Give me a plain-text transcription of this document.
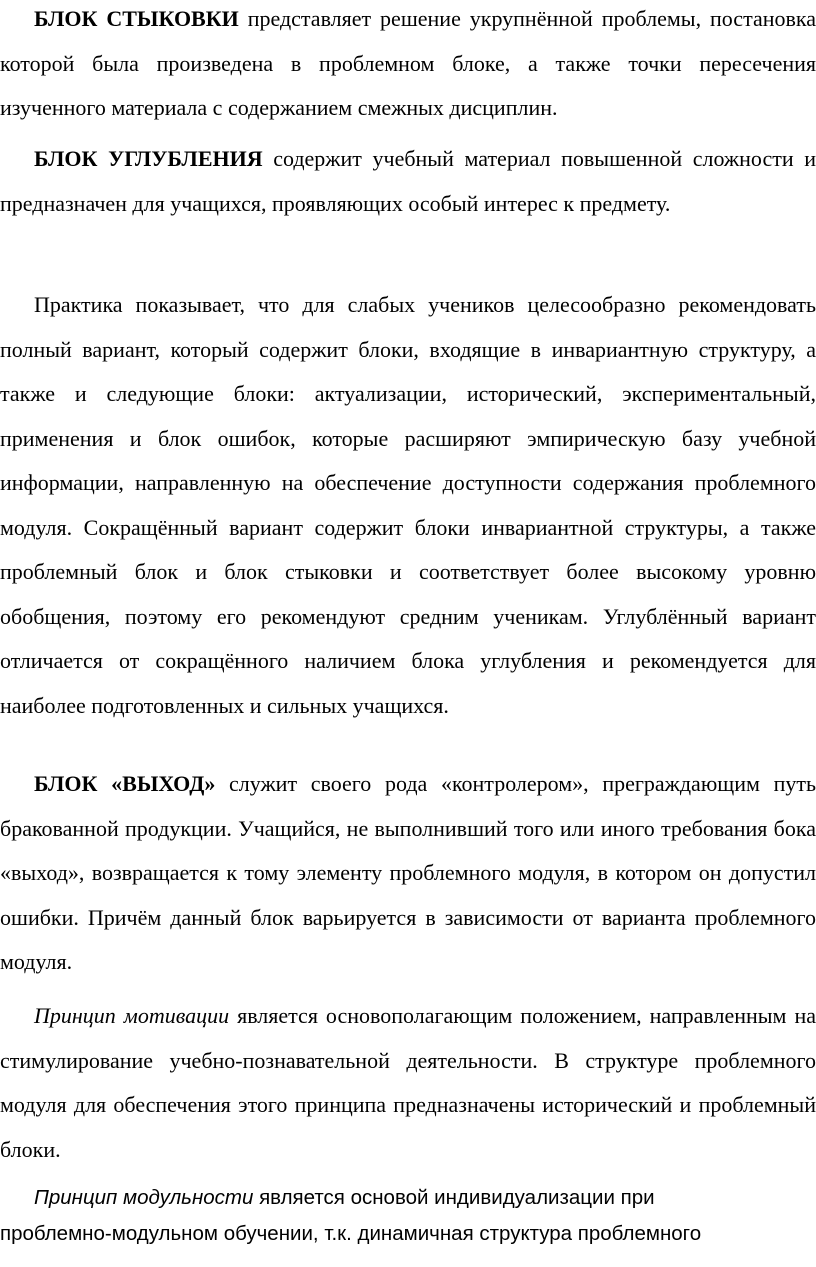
БЛОК СТЫКОВКИ представляет решение укрупнённой проблемы, постановка которой была произведена в проблемном блоке, а также точки пересечения изученного материала с содержанием смежных дисциплин.

БЛОК УГЛУБЛЕНИЯ содержит учебный материал повышенной сложности и предназначен для учащихся, проявляющих особый интерес к предмету.

Практика показывает, что для слабых учеников целесообразно рекомендовать полный вариант, который содержит блоки, входящие в инвариантную структуру, а также и следующие блоки: актуализации, исторический, экспериментальный, применения и блок ошибок, которые расширяют эмпирическую базу учебной информации, направленную на обеспечение доступности содержания проблемного модуля. Сокращённый вариант содержит блоки инвариантной структуры, а также проблемный блок и блок стыковки и соответствует более высокому уровню обобщения, поэтому его рекомендуют средним ученикам. Углублённый вариант отличается от сокращённого наличием блока углубления и рекомендуется для наиболее подготовленных и сильных учащихся.

БЛОК «ВЫХОД» служит своего рода «контролером», преграждающим путь бракованной продукции. Учащийся, не выполнивший того или иного требования бока «выход», возвращается к тому элементу проблемного модуля, в котором он допустил ошибки. Причём данный блок варьируется в зависимости от варианта проблемного модуля.

Принцип мотивации является основополагающим положением, направленным на стимулирование учебно-познавательной деятельности. В структуре проблемного модуля для обеспечения этого принципа предназначены исторический и проблемный блоки.

Принцип модульности является основой индивидуализации при
проблемно-модульном обучении, т.к. динамичная структура проблемного
